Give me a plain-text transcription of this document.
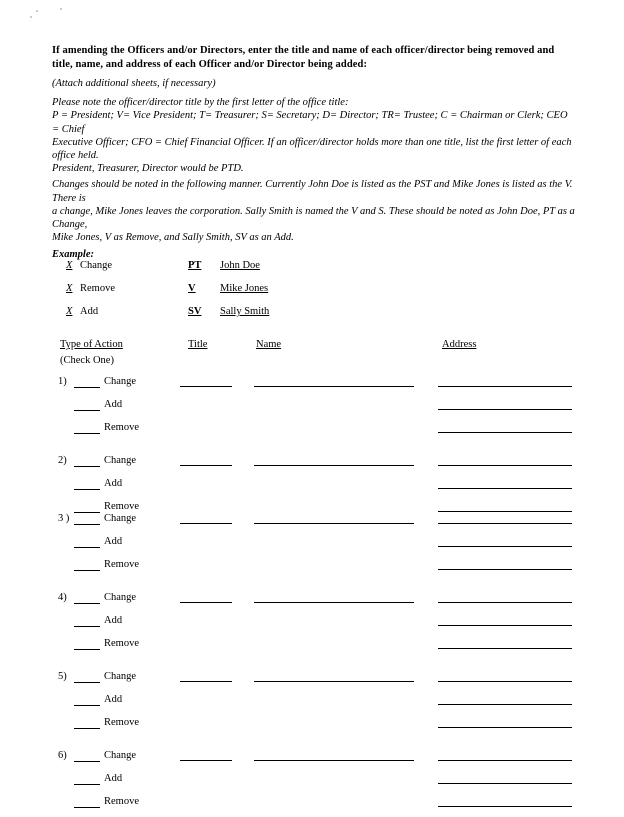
If amending the Officers and/or Directors, enter the title and name of each officer/director being removed and title, name, and address of each Officer and/or Director being added:
(Attach additional sheets, if necessary)
Please note the officer/director title by the first letter of the office title:
P = President; V= Vice President; T= Treasurer; S= Secretary; D= Director; TR= Trustee; C = Chairman or Clerk; CEO = Chief
Executive Officer; CFO = Chief Financial Officer. If an officer/director holds more than one title, list the first letter of each office held.
President, Treasurer, Director would be PTD.
Changes should be noted in the following manner. Currently John Doe is listed as the PST and Mike Jones is listed as the V. There is
a change, Mike Jones leaves the corporation. Sally Smith is named the V and S. These should be noted as John Doe, PT as a Change,
Mike Jones, V as Remove, and Sally Smith, SV as an Add.
Example:
X Change	PT John Doe
X Remove	V Mike Jones
X Add	SV Sally Smith
Type of Action	Title	Name	Address
(Check One)
1)	Change
Add
Remove
2)	Change
Add
Remove
3 )	Change
Add
Remove
4)	Change
Add
Remove
5)	Change
Add
Remove
6)	Change
Add
Remove
